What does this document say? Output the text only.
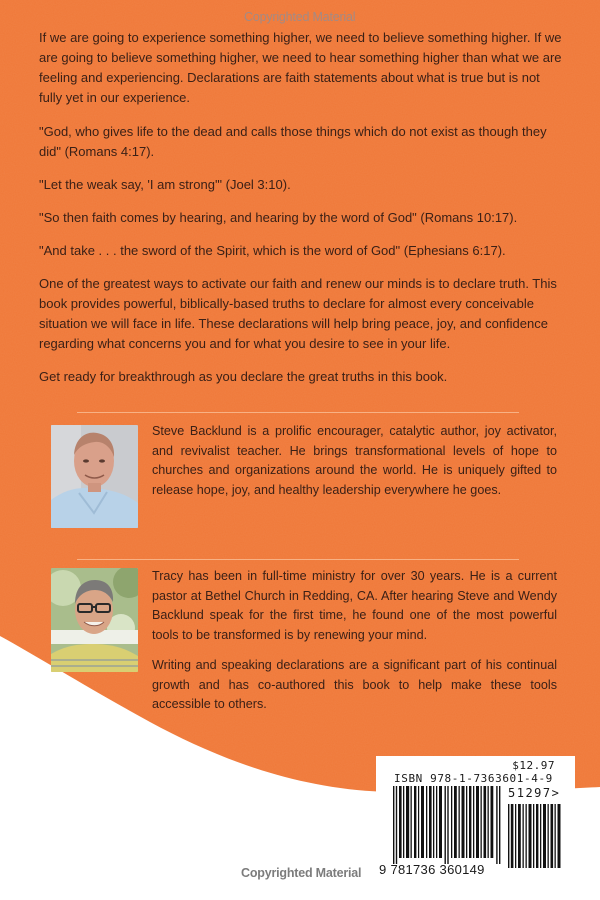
Copyrighted Material

If we are going to experience something higher, we need to believe something higher. If we are going to believe something higher, we need to hear something higher than what we are feeling and experiencing. Declarations are faith statements about what is true but is not fully yet in our experience.

"God, who gives life to the dead and calls those things which do not exist as though they did" (Romans 4:17).

"Let the weak say, 'I am strong'" (Joel 3:10).

"So then faith comes by hearing, and hearing by the word of God" (Romans 10:17).

"And take . . . the sword of the Spirit, which is the word of God" (Ephesians 6:17).

One of the greatest ways to activate our faith and renew our minds is to declare truth. This book provides powerful, biblically-based truths to declare for almost every conceivable situation we will face in life. These declarations will help bring peace, joy, and confidence regarding what concerns you and for what you desire to see in your life.

Get ready for breakthrough as you declare the great truths in this book.

Steve Backlund is a prolific encourager, catalytic author, joy activator, and revivalist teacher. He brings transformational levels of hope to churches and organizations around the world. He is uniquely gifted to release hope, joy, and healthy leadership everywhere he goes.

Tracy has been in full-time ministry for over 30 years. He is a current pastor at Bethel Church in Redding, CA. After hearing Steve and Wendy Backlund speak for the first time, he found one of the most powerful tools to be transformed is by renewing your mind.

Writing and speaking declarations are a significant part of his continual growth and has co-authored this book to help make these tools accessible to others.

$12.97
ISBN 978-1-7363601-4-9
51297>
9 781736 360149
Copyrighted Material
